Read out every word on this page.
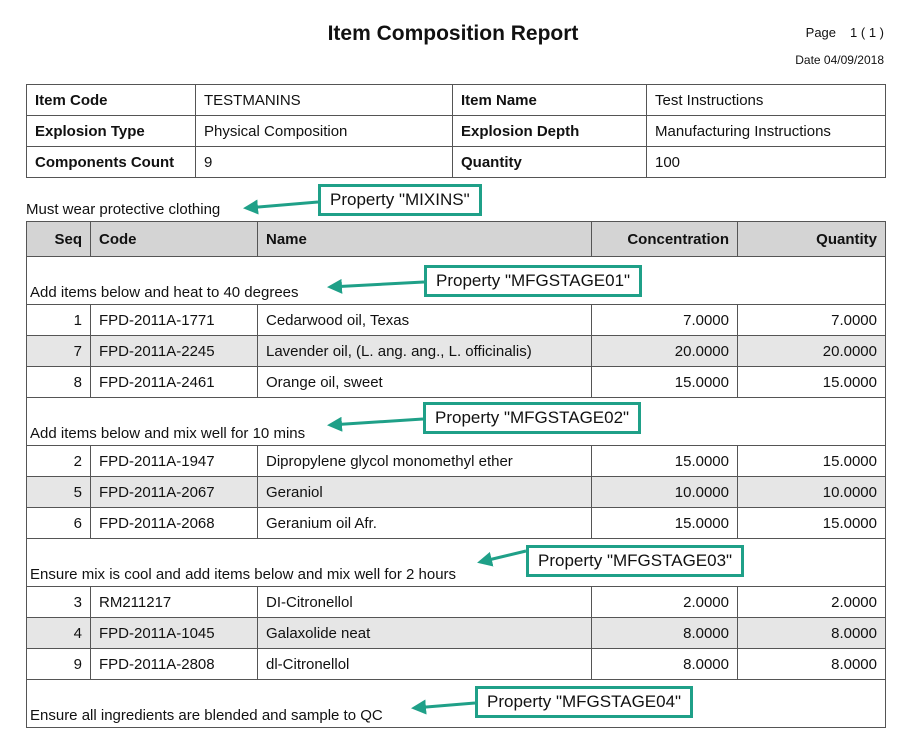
Item Composition Report	Page 1 ( 1 )
Date 04/09/2018
Item Code	TESTMANINS	Item Name	Test Instructions
Explosion Type	Physical Composition	Explosion Depth	Manufacturing Instructions
Components Count	9	Quantity	100
Must wear protective clothing
Seq	Code	Name	Concentration	Quantity
Add items below and heat to 40 degrees				
1	FPD-2011A-1771	Cedarwood oil, Texas	7.0000	7.0000
7	FPD-2011A-2245	Lavender oil, (L. ang. ang., L. officinalis)	20.0000	20.0000
8	FPD-2011A-2461	Orange oil, sweet	15.0000	15.0000
Add items below and mix well for 10 mins				
2	FPD-2011A-1947	Dipropylene glycol monomethyl ether	15.0000	15.0000
5	FPD-2011A-2067	Geraniol	10.0000	10.0000
6	FPD-2011A-2068	Geranium oil Afr.	15.0000	15.0000
Ensure mix is cool and add items below and mix well for 2 hours				
3	RM211217	DI-Citronellol	2.0000	2.0000
4	FPD-2011A-1045	Galaxolide neat	8.0000	8.0000
9	FPD-2011A-2808	dl-Citronellol	8.0000	8.0000
Ensure all ingredients are blended and sample to QC				
Property "MIXINS"
Property "MFGSTAGE01"
Property "MFGSTAGE02"
Property "MFGSTAGE03"
Property "MFGSTAGE04"
